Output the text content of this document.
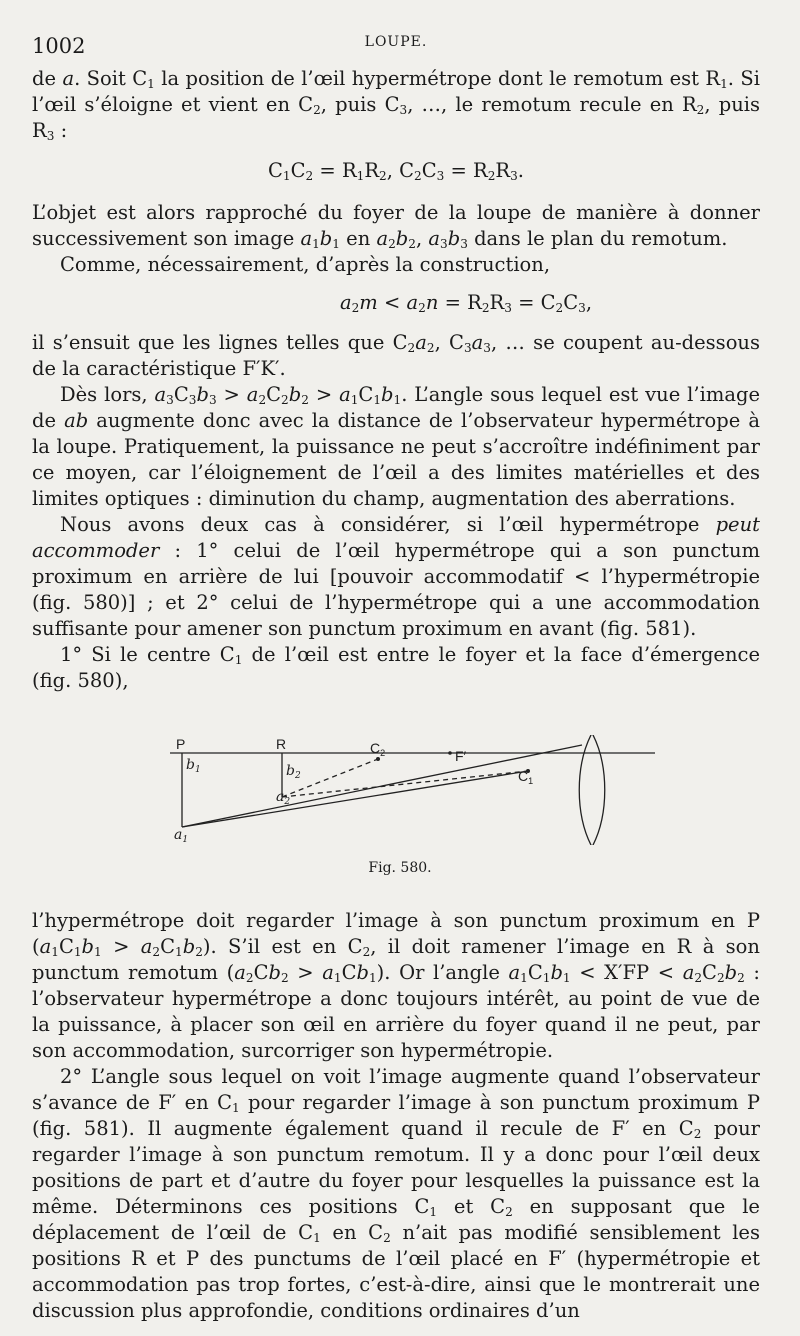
1002	LOUPE.

de a. Soit $C_1$ la position de l’œil hypermétrope dont le remotum est $R_1$. Si l’œil s’éloigne et vient en $C_2$, puis $C_3$, …, le remotum recule en $R_2$, puis $R_3$ :

$C_1C_2 = R_1R_2$, $C_2C_3 = R_2R_3$.

L’objet est alors rapproché du foyer de la loupe de manière à donner successivement son image $a_1b_1$ en $a_2b_2$, $a_3b_3$ dans le plan du remotum.

Comme, nécessairement, d’après la construction,

$a_2m < a_2n = R_2R_3 = C_2C_3$,

il s’ensuit que les lignes telles que $C_2a_2$, $C_3a_3$, … se coupent au-dessous de la caractéristique F′K′.

Dès lors, $a_3C_3b_3 > a_2C_2b_2 > a_1C_1b_1$. L’angle sous lequel est vue l’image de ab augmente donc avec la distance de l’observateur hypermétrope à la loupe. Pratiquement, la puissance ne peut s’accroître indéfiniment par ce moyen, car l’éloignement de l’œil a des limites matérielles et des limites optiques : diminution du champ, augmentation des aberrations.

Nous avons deux cas à considérer, si l’œil hypermétrope peut accommoder : 1° celui de l’œil hypermétrope qui a son punctum proximum en arrière de lui [pouvoir accommodatif < l’hypermétropie (fig. 580)] ; et 2° celui de l’hypermétrope qui a une accommodation suffisante pour amener son punctum proximum en avant (fig. 581).

1° Si le centre $C_1$ de l’œil est entre le foyer et la face d’émergence (fig. 580),

P	R	$C_2$	F′
$C_1$
$b_1$	$b_2$
$a_2$
$a_1$
Fig. 580.

l’hypermétrope doit regarder l’image à son punctum proximum en P $(a_1C_1b_1 > a_2C_1b_2)$. S’il est en $C_2$, il doit ramener l’image en R à son punctum remotum $(a_2Cb_2 > a_1Cb_1)$. Or l’angle $a_1C_1b_1 < X'FP < a_2C_2b_2$ : l’observateur hypermétrope a donc toujours intérêt, au point de vue de la puissance, à placer son œil en arrière du foyer quand il ne peut, par son accommodation, surcorriger son hypermétropie.

2° L’angle sous lequel on voit l’image augmente quand l’observateur s’avance de F′ en $C_1$ pour regarder l’image à son punctum proximum P (fig. 581). Il augmente également quand il recule de F′ en $C_2$ pour regarder l’image à son punctum remotum. Il y a donc pour l’œil deux positions de part et d’autre du foyer pour lesquelles la puissance est la même. Déterminons ces positions $C_1$ et $C_2$ en supposant que le déplacement de l’œil de $C_1$ en $C_2$ n’ait pas modifié sensiblement les positions R et P des punctums de l’œil placé en F′ (hypermétropie et accommodation pas trop fortes, c’est-à-dire, ainsi que le montrerait une discussion plus approfondie, conditions ordinaires d’un
